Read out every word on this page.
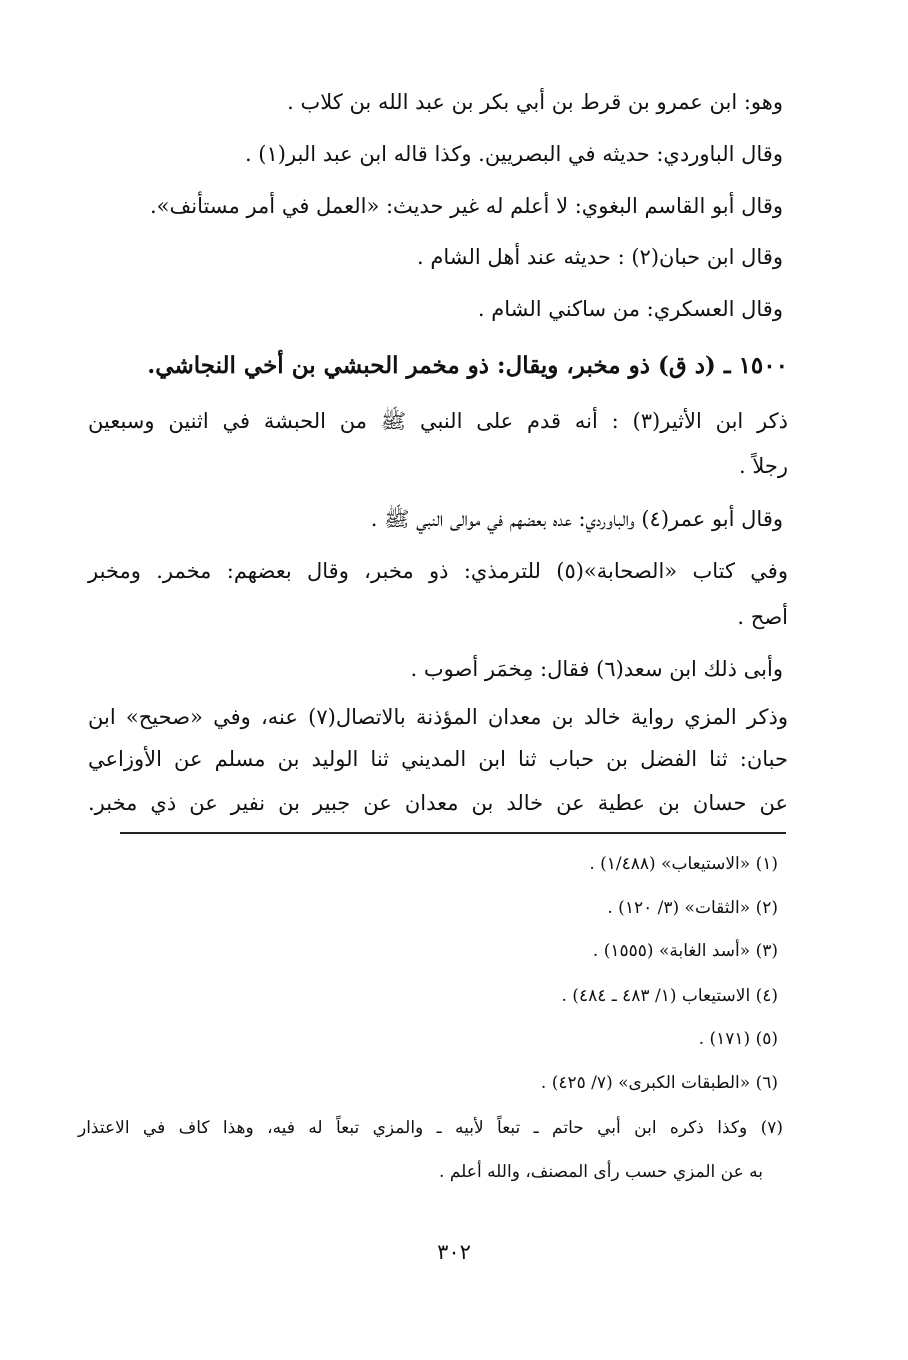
وهو: ابن عمرو بن قرط بن أبي بكر بن عبد الله بن كلاب .
وقال الباوردي: حديثه في البصريين. وكذا قاله ابن عبد البر(١) .
وقال أبو القاسم البغوي: لا أعلم له غير حديث: «العمل في أمر مستأنف».
وقال ابن حبان(٢) : حديثه عند أهل الشام .
وقال العسكري: من ساكني الشام .
١٥٠٠ ـ (د ق) ذو مخبر، ويقال: ذو مخمر الحبشي بن أخي النجاشي.
ذكر ابن الأثير(٣) : أنه قدم على النبي ﷺ من الحبشة في اثنين وسبعين
رجلاً .
وقال أبو عمر(٤) والباوردي: عده بعضهم في موالى النبي ﷺ .
وفي كتاب «الصحابة»(٥) للترمذي: ذو مخبر، وقال بعضهم: مخمر. ومخبر
أصح .
وأبى ذلك ابن سعد(٦) فقال: مِخمَر أصوب .
وذكر المزي رواية خالد بن معدان المؤذنة بالاتصال(٧) عنه، وفي «صحيح» ابن
حبان: ثنا الفضل بن حباب ثنا ابن المديني ثنا الوليد بن مسلم عن الأوزاعي
عن حسان بن عطية عن خالد بن معدان عن جبير بن نفير عن ذي مخبر.
(١) «الاستيعاب» (١/٤٨٨) .
(٢) «الثقات» (٣/ ١٢٠) .
(٣) «أسد الغابة» (١٥٥٥) .
(٤) الاستيعاب (١/ ٤٨٣ ـ ٤٨٤) .
(٥) (١٧١) .
(٦) «الطبقات الكبرى» (٧/ ٤٢٥) .
(٧) وكذا ذكره ابن أبي حاتم ـ تبعاً لأبيه ـ والمزي تبعاً له فيه، وهذا كاف في الاعتذار
به عن المزي حسب رأى المصنف، والله أعلم .
٣٠٢
